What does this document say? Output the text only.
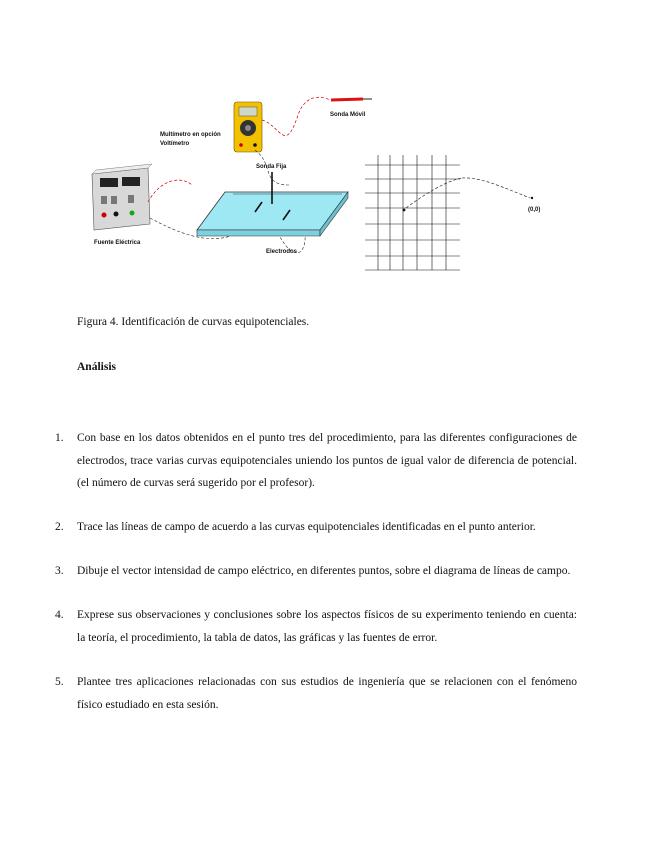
Fuente Eléctrica
Multímetro en opción
Voltímetro
Sonda Móvil
Sonda Fija
Electrodos
(0,0)
Figura 4. Identificación de curvas equipotenciales.
Análisis
1.	Con base en los datos obtenidos en el punto tres del procedimiento, para las diferentes configuraciones de electrodos, trace varias curvas equipotenciales uniendo los puntos de igual valor de diferencia de potencial. (el número de curvas será sugerido por el profesor).
2.	Trace las líneas de campo de acuerdo a las curvas equipotenciales identificadas en el punto anterior.
3.	Dibuje el vector intensidad de campo eléctrico, en diferentes puntos, sobre el diagrama de líneas de campo.
4.	Exprese sus observaciones y conclusiones sobre los aspectos físicos de su experimento teniendo en cuenta: la teoría, el procedimiento, la tabla de datos, las gráficas y las fuentes de error.
5.	Plantee tres aplicaciones relacionadas con sus estudios de ingeniería que se relacionen con el fenómeno físico estudiado en esta sesión.
